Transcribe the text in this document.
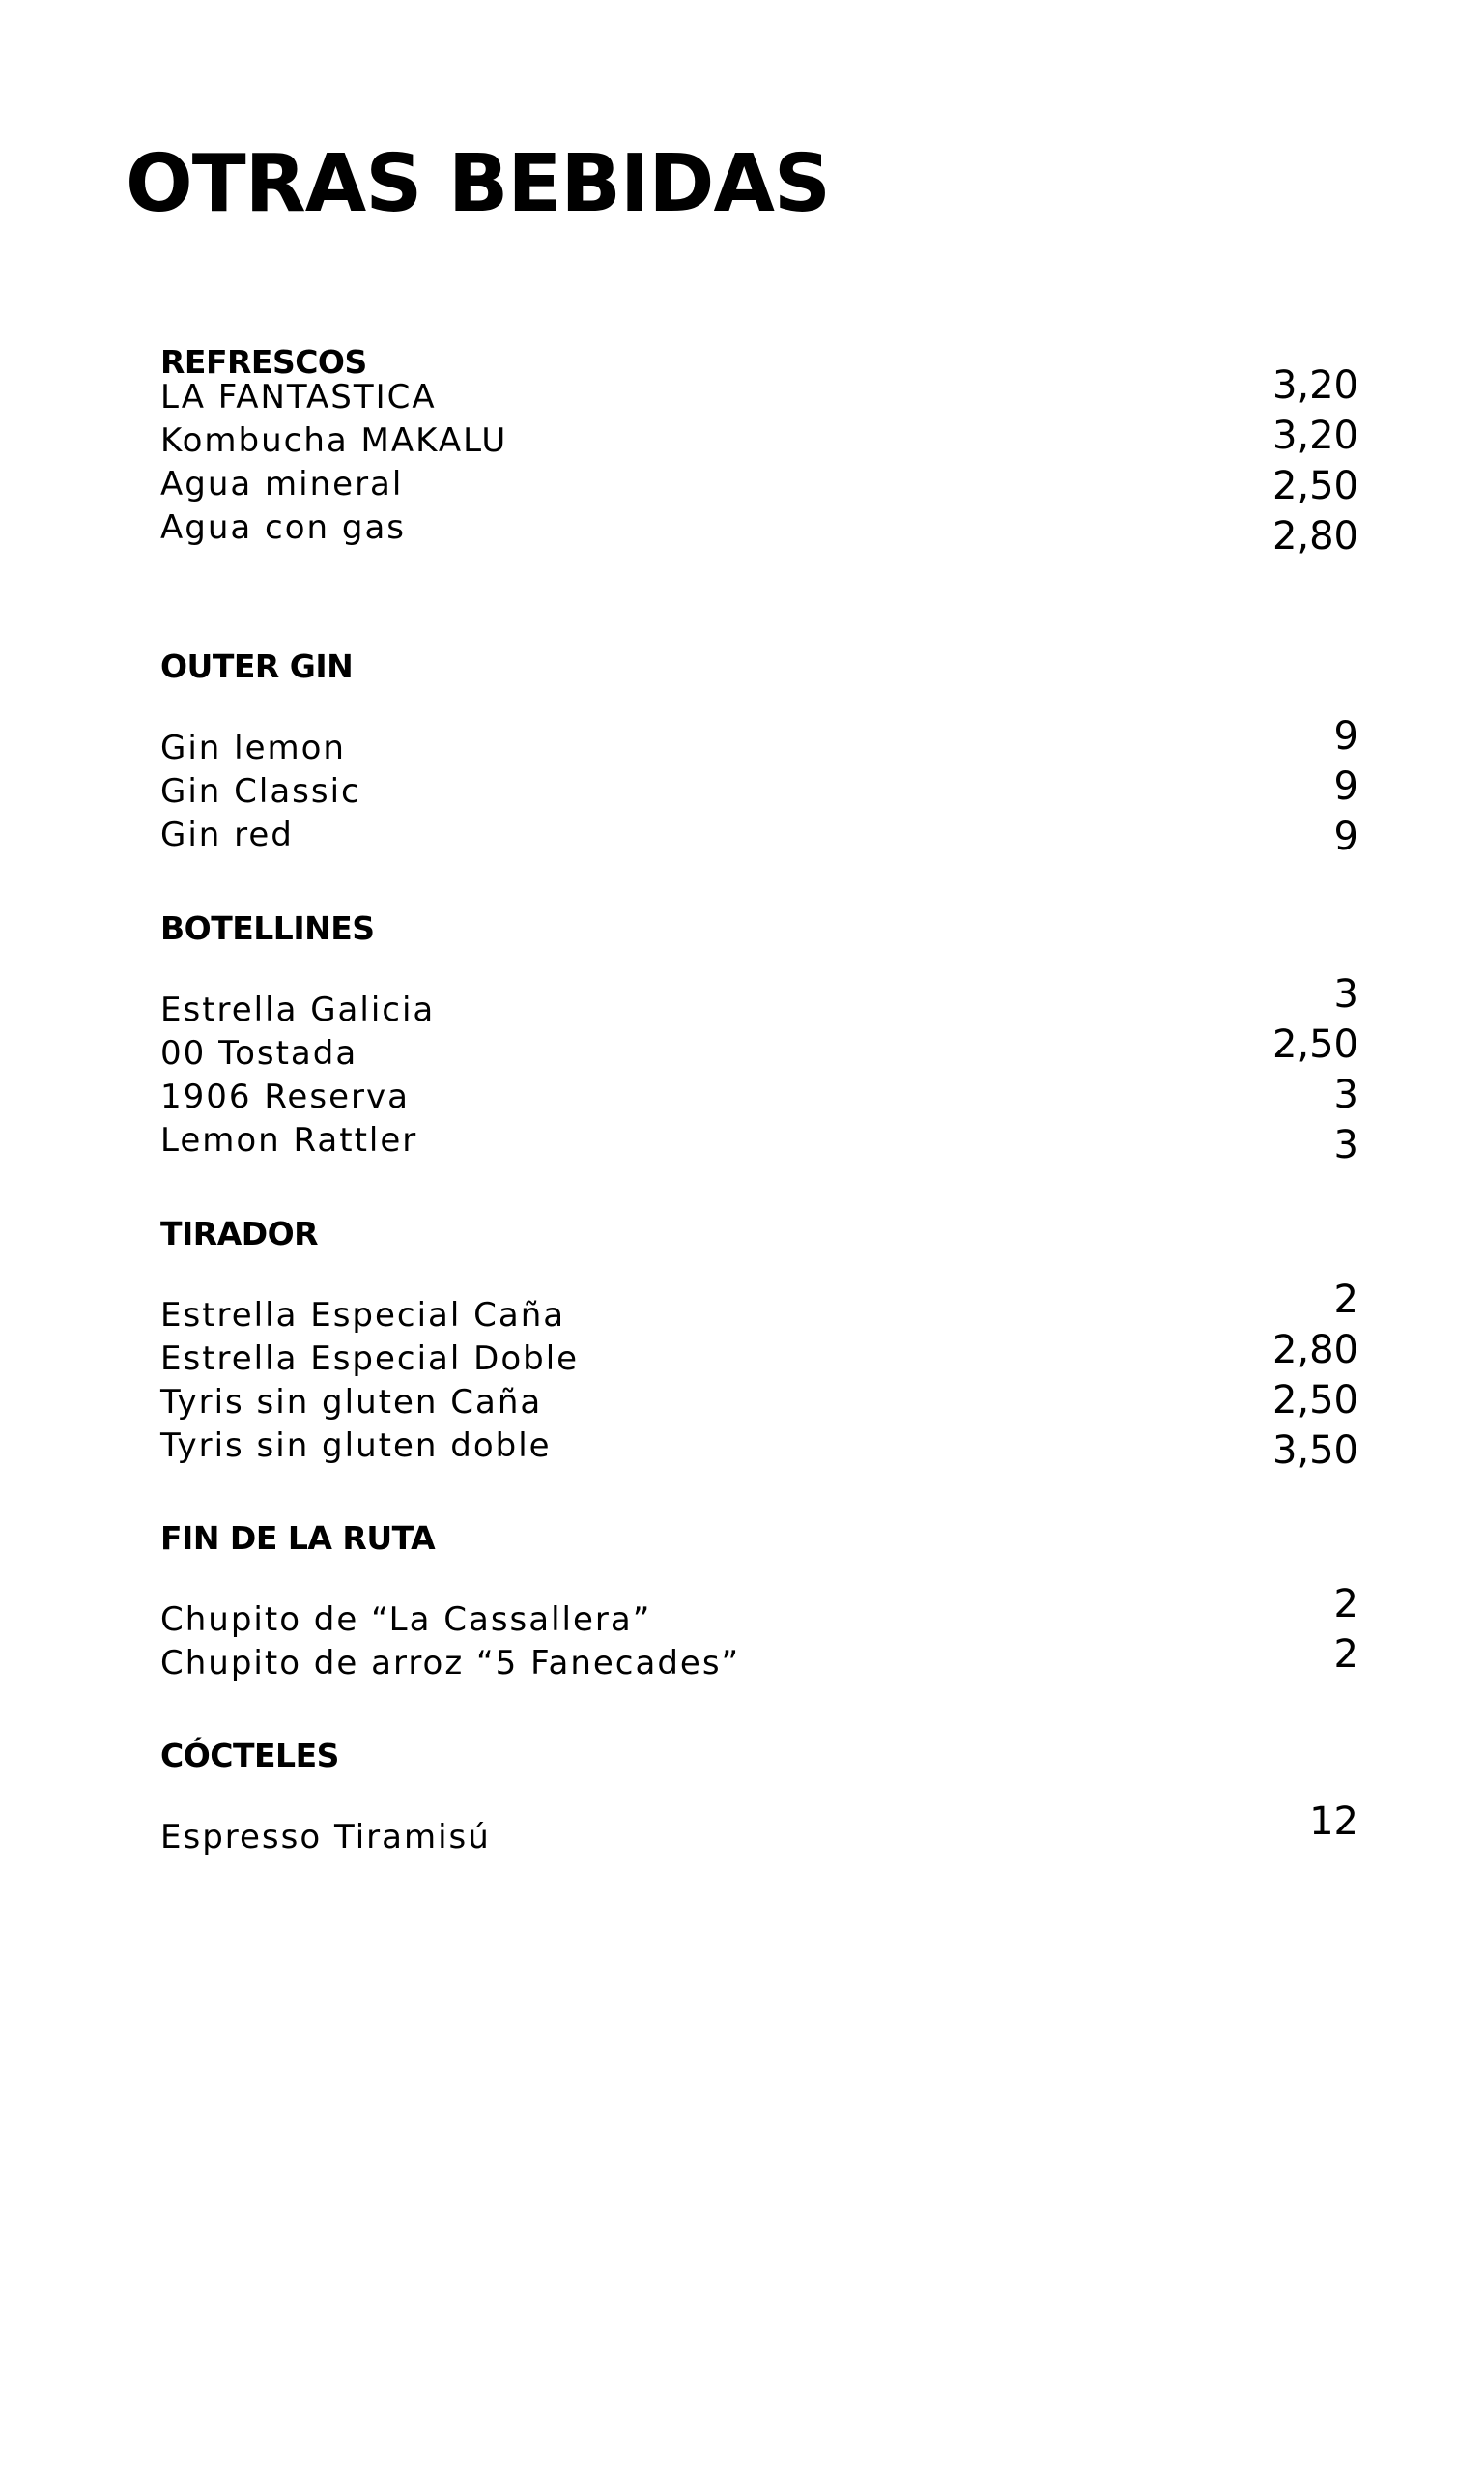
OTRAS BEBIDAS
REFRESCOS
LA FANTASTICA
Kombucha MAKALU
Agua mineral
Agua con gas
3,20
3,20
2,50
2,80
OUTER GIN
Gin lemon
Gin Classic
Gin red
9
9
9
BOTELLINES
Estrella Galicia
00 Tostada
1906 Reserva
Lemon Rattler
3
2,50
3
3
TIRADOR
Estrella Especial Caña
Estrella Especial Doble
Tyris sin gluten Caña
Tyris sin gluten doble
2
2,80
2,50
3,50
FIN DE LA RUTA
Chupito de “La Cassallera”
Chupito de arroz “5 Fanecades”
2
2
CÓCTELES
Espresso Tiramisú	12
